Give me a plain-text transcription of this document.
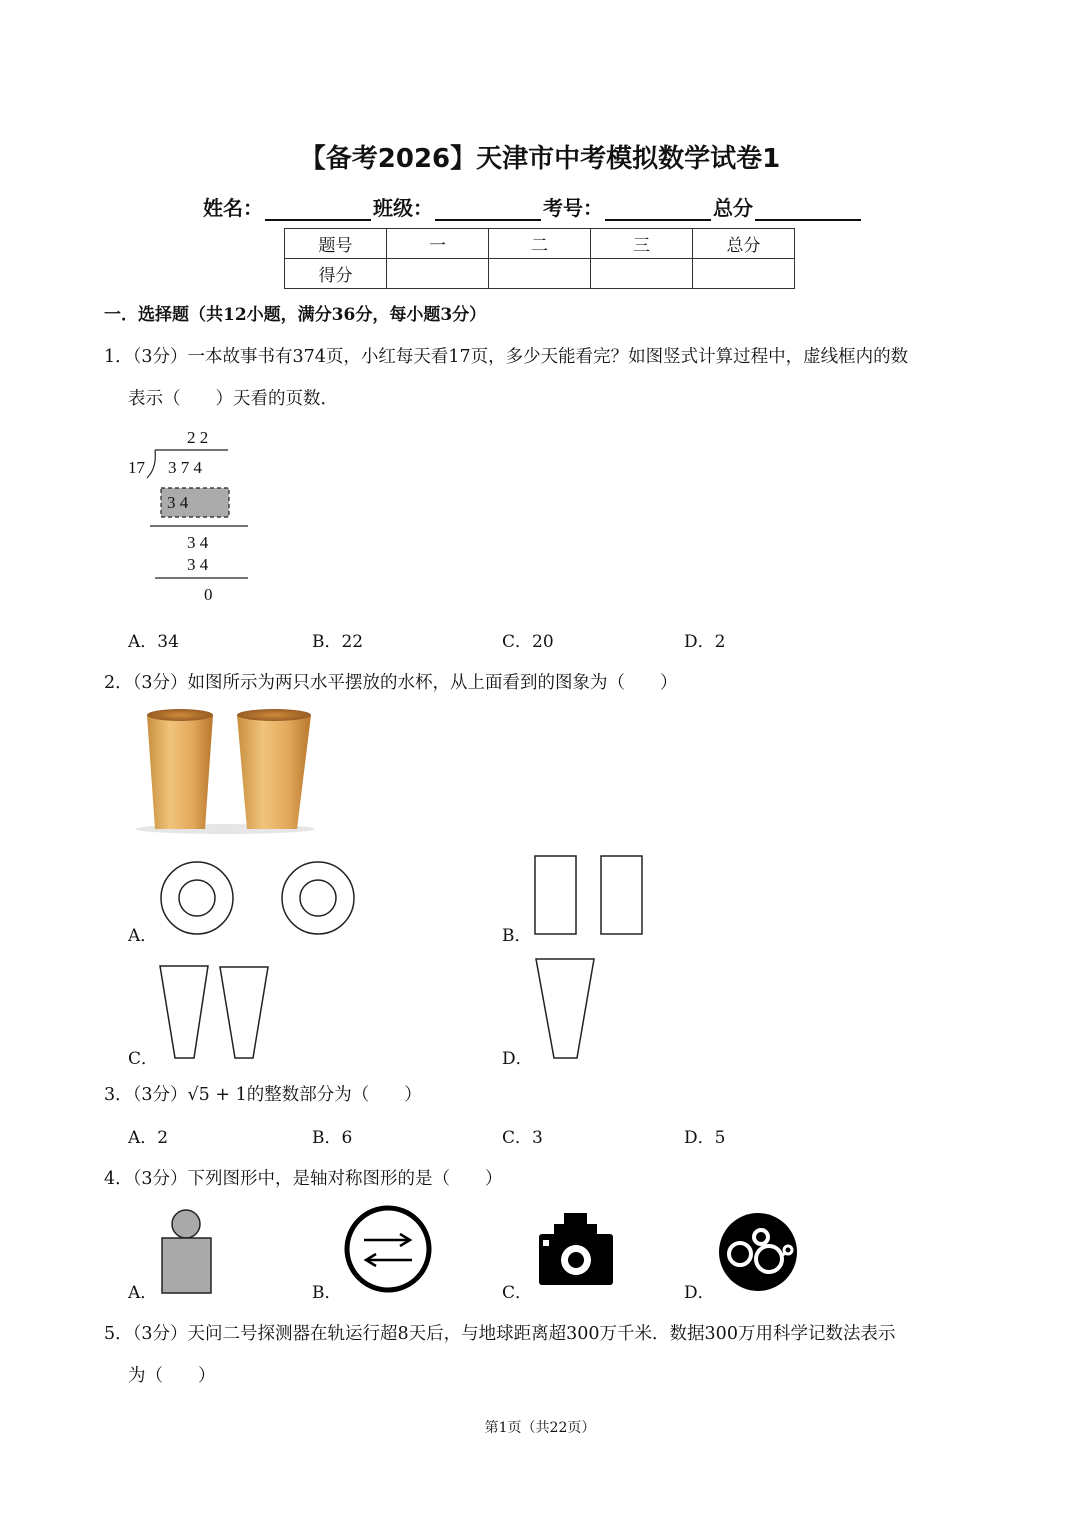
【备考2026】天津市中考模拟数学试卷1
姓名：	班级：	考号：	总分
题号	一	二	三	总分
得分				
一．选择题（共12小题，满分36分，每小题3分）
1．（3分）一本故事书有374页，小红每天看17页，多少天能看完？如图竖式计算过程中，虚线框内的数
表示（　　）天看的页数．
2 2
17 3 7 4
3 4
3 4
3 4
0
A．34	B．22	C．20	D．2
2．（3分）如图所示为两只水平摆放的水杯，从上面看到的图象为（　　）
A．	B．
C．	D．
3．（3分）√5 + 1的整数部分为（　　）
A．2	B．6	C．3	D．5
4．（3分）下列图形中，是轴对称图形的是（　　）
A．	B．	C．	D．
5．（3分）天问二号探测器在轨运行超8天后，与地球距离超300万千米．数据300万用科学记数法表示
为（　　）
第1页（共22页）
